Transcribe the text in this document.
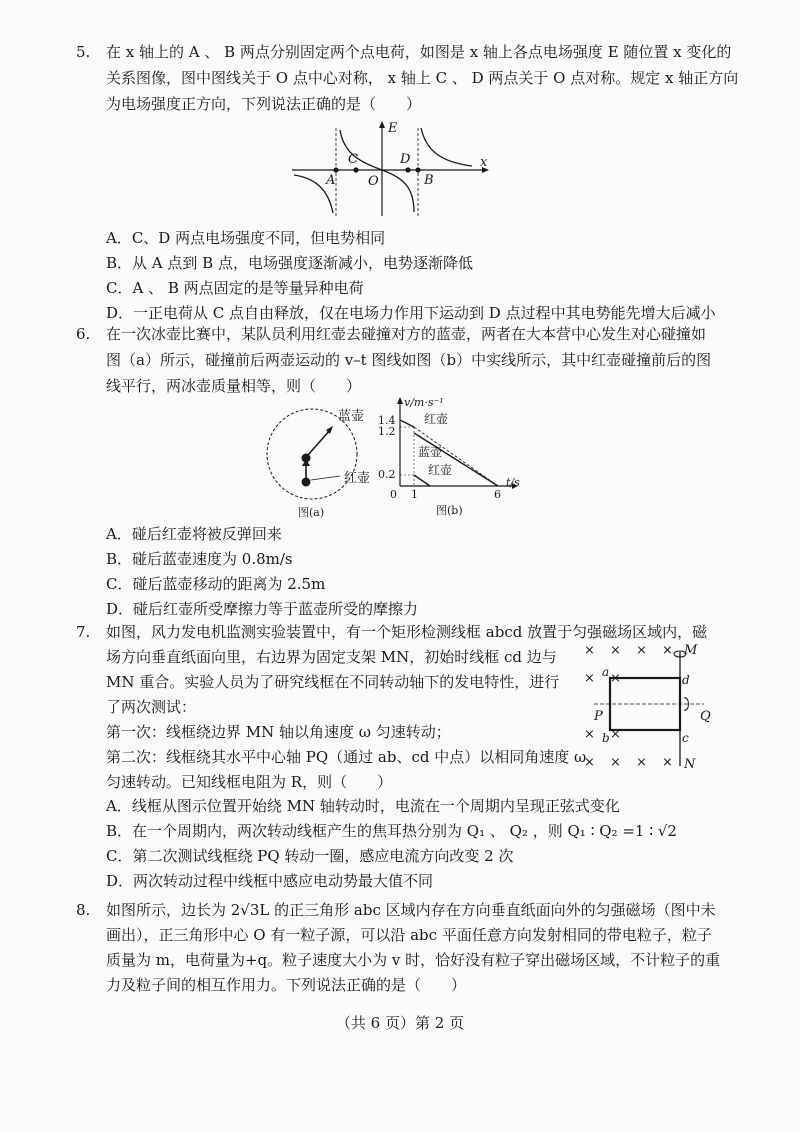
5. 在 x 轴上的 A 、 B 两点分别固定两个点电荷，如图是 x 轴上各点电场强度 E 随位置 x 变化的
关系图像，图中图线关于 O 点中心对称， x 轴上 C 、 D 两点关于 O 点对称。规定 x 轴正方向
为电场强度正方向，下列说法正确的是（　　）
E
x
A
C
O
D
B
A．C、D 两点电场强度不同，但电势相同
B．从 A 点到 B 点，电场强度逐渐减小，电势逐渐降低
C．A 、 B 两点固定的是等量异种电荷
D．一正电荷从 C 点自由释放，仅在电场力作用下运动到 D 点过程中其电势能先增大后减小
6. 在一次冰壶比赛中，某队员利用红壶去碰撞对方的蓝壶，两者在大本营中心发生对心碰撞如
图（a）所示，碰撞前后两壶运动的 v–t 图线如图（b）中实线所示，其中红壶碰撞前后的图
线平行，两冰壶质量相等，则（　　）
蓝壶
红壶
图(a)
1.4
1.2
0.2
0 1	6
v/m·s⁻¹
t/s
红壶
蓝壶
红壶
图(b)
A．碰后红壶将被反弹回来
B．碰后蓝壶速度为 0.8m/s
C．碰后蓝壶移动的距离为 2.5m
D．碰后红壶所受摩擦力等于蓝壶所受的摩擦力
7. 如图，风力发电机监测实验装置中，有一个矩形检测线框 abcd 放置于匀强磁场区域内，磁
场方向垂直纸面向里，右边界为固定支架 MN，初始时线框 cd 边与
MN 重合。实验人员为了研究线框在不同转动轴下的发电特性，进行
了两次测试：
第一次：线框绕边界 MN 轴以角速度 ω 匀速转动；
第二次：线框绕其水平中心轴 PQ（通过 ab、cd 中点）以相同角速度 ω
匀速转动。已知线框电阻为 R，则（　　）
× × × ×
× ×
× ×
× × × ×
M
N
P	Q
a
b	c
d
A．线框从图示位置开始绕 MN 轴转动时，电流在一个周期内呈现正弦式变化
B．在一个周期内，两次转动线框产生的焦耳热分别为 Q₁ 、 Q₂ ，则 Q₁ ∶ Q₂ =1 ∶ √2
C．第二次测试线框绕 PQ 转动一圈，感应电流方向改变 2 次
D．两次转动过程中线框中感应电动势最大值不同
8. 如图所示，边长为 2√3L 的正三角形 abc 区域内存在方向垂直纸面向外的匀强磁场（图中未
画出），正三角形中心 O 有一粒子源，可以沿 abc 平面任意方向发射相同的带电粒子，粒子
质量为 m，电荷量为+q。粒子速度大小为 v 时，恰好没有粒子穿出磁场区域，不计粒子的重
力及粒子间的相互作用力。下列说法正确的是（　　）
（共 6 页）第 2 页
